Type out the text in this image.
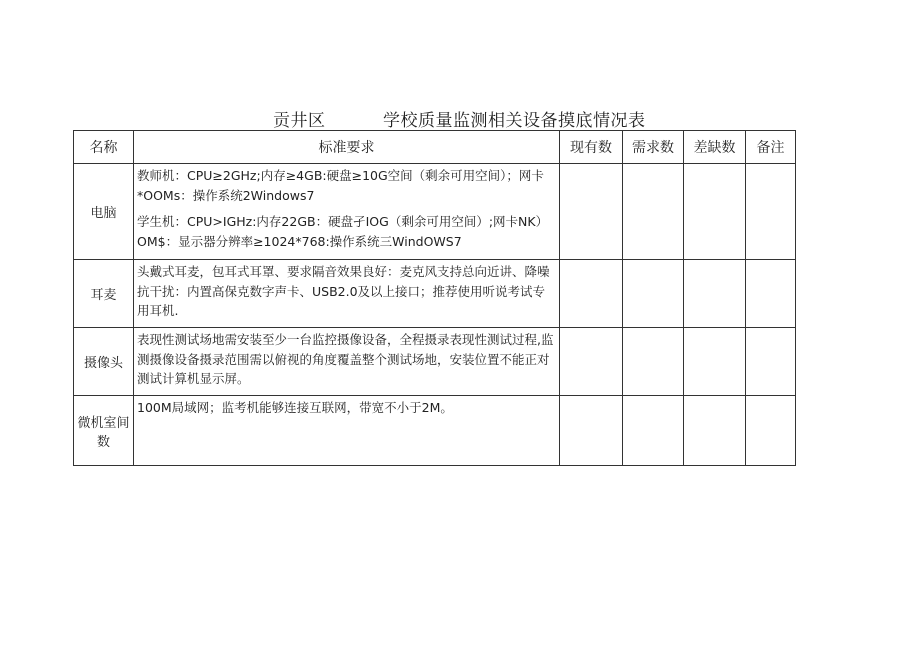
贡井区	学校质量监测相关设备摸底情况表
名称	标准要求	现有数	需求数	差缺数	备注
电脑	教师机：CPU≥2GHz;内存≥4GB:硬盘≥10G空间（剩余可用空间）；网卡*OOMs：操作系统2Windows7

学生机：CPU>IGHz:内存22GB：硬盘孑IOG（剩余可用空间）;网卡NK）OM$：显示器分辨率≥1024*768:操作系统三WindOWS7				

耳麦	头戴式耳麦，包耳式耳罩、要求隔音效果良好：麦克风支持总向近讲、降噪抗干扰：内置高保克数字声卡、USB2.0及以上接口；推荐使用听说考试专用耳机.				

摄像头	表现性测试场地需安装至少一台监控摄像设备，全程摄录表现性测试过程,监测摄像设备摄录范围需以俯视的角度覆盖整个测试场地，安装位置不能正对测试计算机显示屏。				

微机室间数	100M局域网；监考机能够连接互联网，带宽不小于2M。				
